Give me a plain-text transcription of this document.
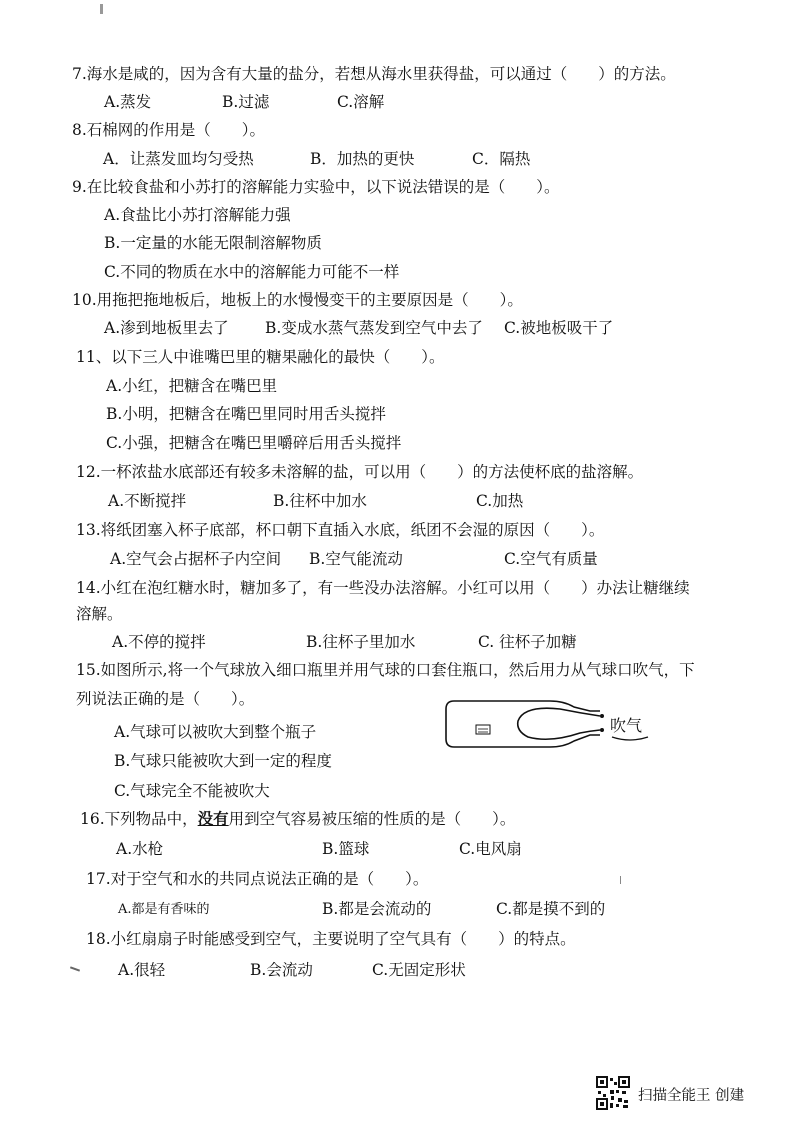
7.海水是咸的，因为含有大量的盐分，若想从海水里获得盐，可以通过（　　）的方法。
A.蒸发	B.过滤	C.溶解
8.石棉网的作用是（　　）。
A．让蒸发皿均匀受热	B．加热的更快	C．隔热
9.在比较食盐和小苏打的溶解能力实验中，以下说法错误的是（　　）。
A.食盐比小苏打溶解能力强
B.一定量的水能无限制溶解物质
C.不同的物质在水中的溶解能力可能不一样
10.用拖把拖地板后，地板上的水慢慢变干的主要原因是（　　）。
A.渗到地板里去了 B.变成水蒸气蒸发到空气中去了 C.被地板吸干了
11、以下三人中谁嘴巴里的糖果融化的最快（　　）。
A.小红，把糖含在嘴巴里
B.小明，把糖含在嘴巴里同时用舌头搅拌
C.小强，把糖含在嘴巴里嚼碎后用舌头搅拌
12.一杯浓盐水底部还有较多未溶解的盐，可以用（　　）的方法使杯底的盐溶解。
A.不断搅拌	B.往杯中加水	C.加热
13.将纸团塞入杯子底部，杯口朝下直插入水底，纸团不会湿的原因（　　）。
A.空气会占据杯子内空间 B.空气能流动	C.空气有质量
14.小红在泡红糖水时，糖加多了，有一些没办法溶解。小红可以用（　　）办法让糖继续
溶解。
A.不停的搅拌	B.往杯子里加水	C. 往杯子加糖
15.如图所示,将一个气球放入细口瓶里并用气球的口套住瓶口，然后用力从气球口吹气，下
列说法正确的是（　　）。
A.气球可以被吹大到整个瓶子
B.气球只能被吹大到一定的程度
C.气球完全不能被吹大
吹气
16.下列物品中，没有用到空气容易被压缩的性质的是（　　）。
A.水枪	B.篮球	C.电风扇
17.对于空气和水的共同点说法正确的是（　　）。
A.都是有香味的	B.都是会流动的	C.都是摸不到的
18.小红扇扇子时能感受到空气，主要说明了空气具有（　　）的特点。
A.很轻	B.会流动	C.无固定形状
扫描全能王 创建
